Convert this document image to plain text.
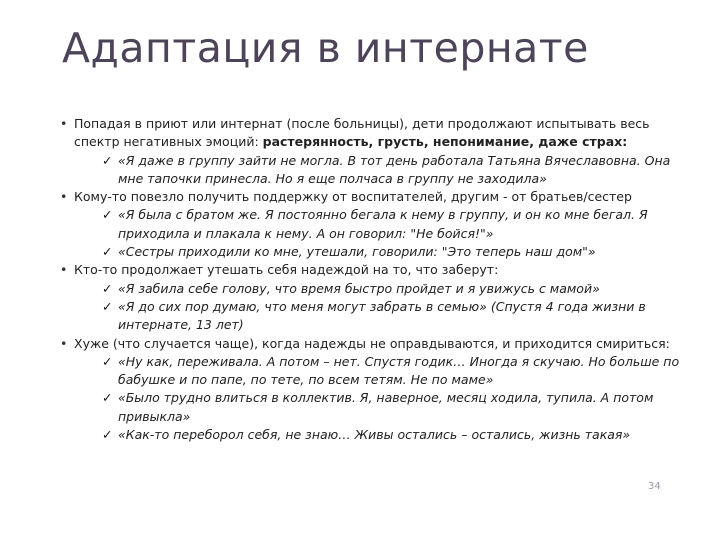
Адаптация в интернате

• Попадая в приют или интернат (после больницы), дети продолжают испытывать весь спектр негативных эмоций: растерянность, грусть, непонимание, даже страх:

✓ «Я даже в группу зайти не могла. В тот день работала Татьяна Вячеславовна. Она мне тапочки принесла. Но я еще полчаса в группу не заходила»

• Кому-то повезло получить поддержку от воспитателей, другим - от братьев/сестер

✓ «Я была с братом же. Я постоянно бегала к нему в группу, и он ко мне бегал. Я приходила и плакала к нему. А он говорил: "Не бойся!"»

✓ «Сестры приходили ко мне, утешали, говорили: "Это теперь наш дом"»

• Кто-то продолжает утешать себя надеждой на то, что заберут:

✓ «Я забила себе голову, что время быстро пройдет и я увижусь с мамой»

✓ «Я до сих пор думаю, что меня могут забрать в семью» (Спустя 4 года жизни в интернате, 13 лет)

• Хуже (что случается чаще), когда надежды не оправдываются, и приходится смириться:

✓ «Ну как, переживала. А потом – нет. Спустя годик… Иногда я скучаю. Но больше по бабушке и по папе, по тете, по всем тетям. Не по маме»

✓ «Было трудно влиться в коллектив. Я, наверное, месяц ходила, тупила. А потом привыкла»

✓ «Как-то переборол себя, не знаю… Живы остались – остались, жизнь такая»

34
